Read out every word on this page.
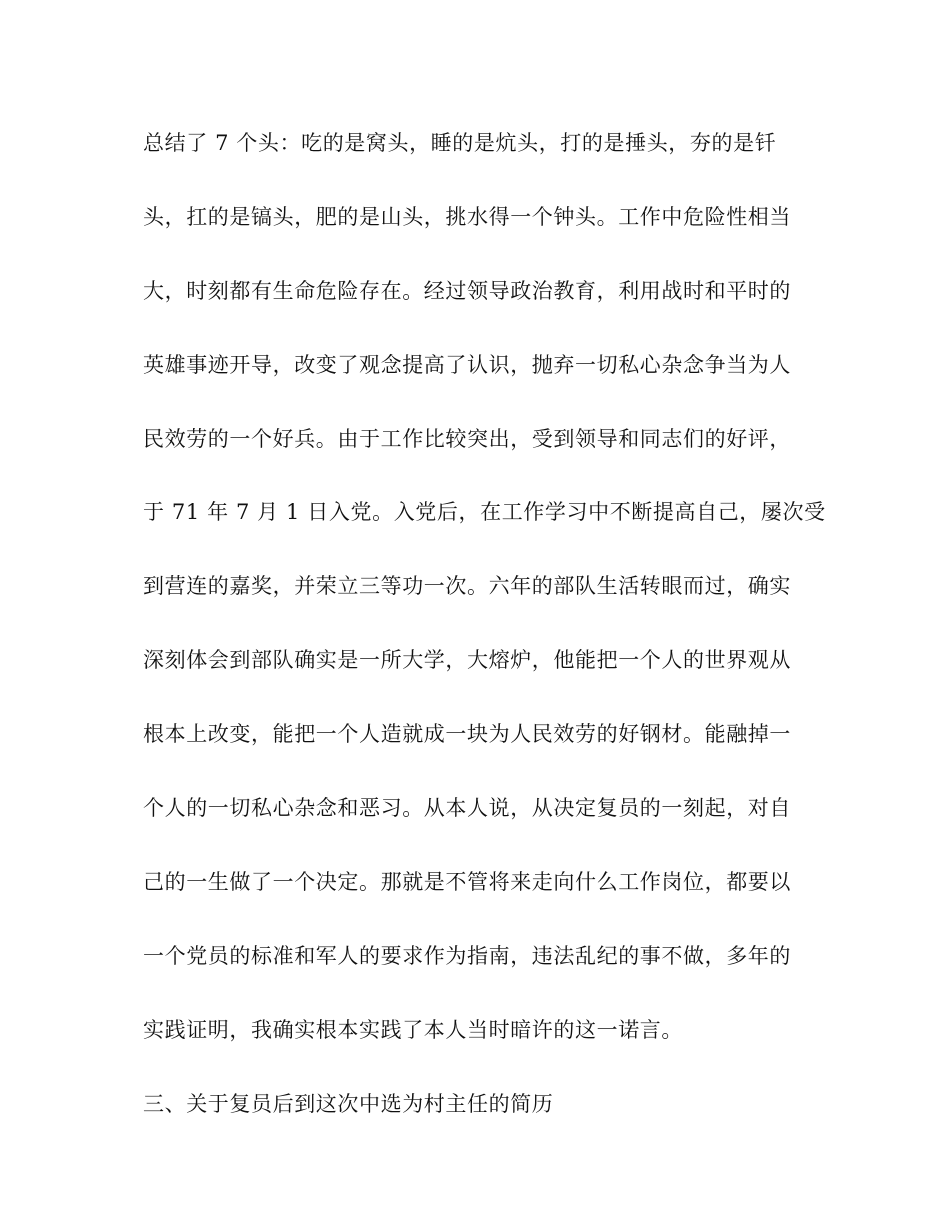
总结了 7 个头：吃的是窝头，睡的是炕头，打的是捶头，夯的是钎
头，扛的是镐头，肥的是山头，挑水得一个钟头。工作中危险性相当
大，时刻都有生命危险存在。经过领导政治教育，利用战时和平时的
英雄事迹开导，改变了观念提高了认识，抛弃一切私心杂念争当为人
民效劳的一个好兵。由于工作比较突出，受到领导和同志们的好评，
于 71 年 7 月 1 日入党。入党后，在工作学习中不断提高自己，屡次受
到营连的嘉奖，并荣立三等功一次。六年的部队生活转眼而过，确实
深刻体会到部队确实是一所大学，大熔炉，他能把一个人的世界观从
根本上改变，能把一个人造就成一块为人民效劳的好钢材。能融掉一
个人的一切私心杂念和恶习。从本人说，从决定复员的一刻起，对自
己的一生做了一个决定。那就是不管将来走向什么工作岗位，都要以
一个党员的标准和军人的要求作为指南，违法乱纪的事不做，多年的
实践证明，我确实根本实践了本人当时暗许的这一诺言。
三、关于复员后到这次中选为村主任的简历
